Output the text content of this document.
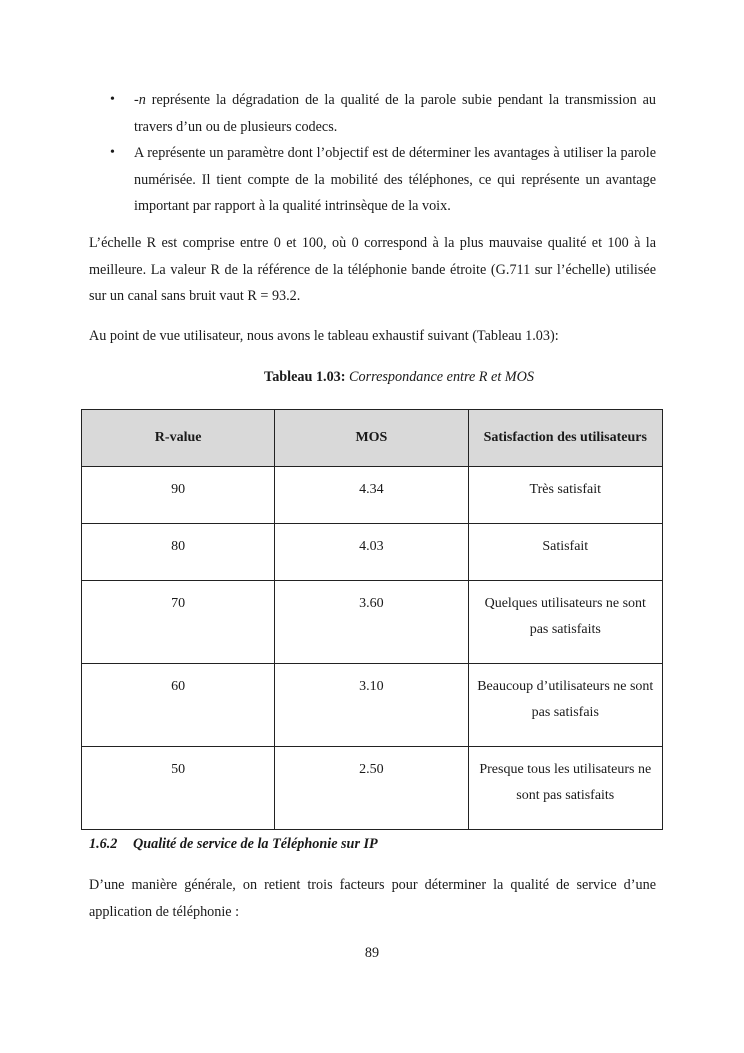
• -n représente la dégradation de la qualité de la parole subie pendant la transmission au travers d’un ou de plusieurs codecs.
• A représente un paramètre dont l’objectif est de déterminer les avantages à utiliser la parole numérisée. Il tient compte de la mobilité des téléphones, ce qui représente un avantage important par rapport à la qualité intrinsèque de la voix.

L’échelle R est comprise entre 0 et 100, où 0 correspond à la plus mauvaise qualité et 100 à la meilleure. La valeur R de la référence de la téléphonie bande étroite (G.711 sur l’échelle) utilisée sur un canal sans bruit vaut R = 93.2.

Au point de vue utilisateur, nous avons le tableau exhaustif suivant (Tableau 1.03):

Tableau 1.03: Correspondance entre R et MOS
R-value	MOS	Satisfaction des utilisateurs
90	4.34	Très satisfait
80	4.03	Satisfait
70	3.60	Quelques utilisateurs ne sont pas satisfaits
60	3.10	Beaucoup d’utilisateurs ne sont pas satisfais
50	2.50	Presque tous les utilisateurs ne sont pas satisfaits
1.6.2 Qualité de service de la Téléphonie sur IP

D’une manière générale, on retient trois facteurs pour déterminer la qualité de service d’une application de téléphonie :

89
